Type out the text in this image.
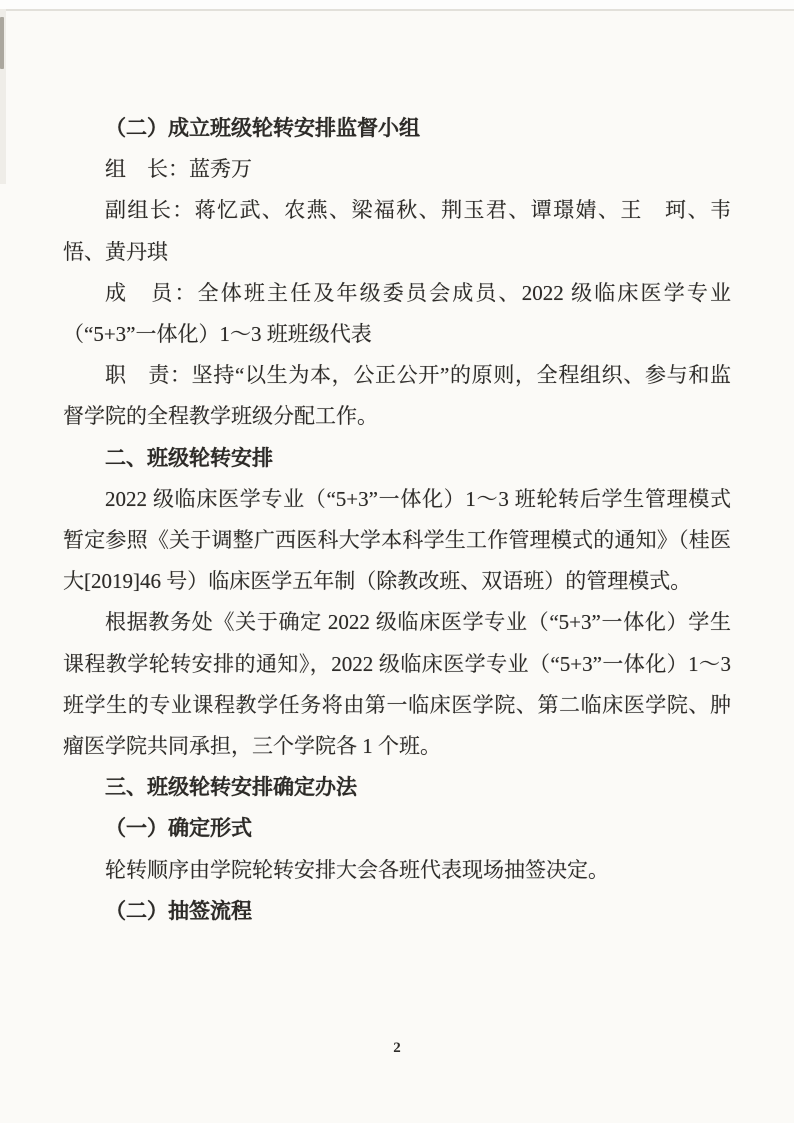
（二）成立班级轮转安排监督小组

组　长：蓝秀万

副组长：蒋忆武、农燕、梁福秋、荆玉君、谭璟婧、王　珂、韦　悟、黄丹琪

成　员：全体班主任及年级委员会成员、2022 级临床医学专业（“5+3”一体化）1～3 班班级代表

职　责：坚持“以生为本，公正公开”的原则，全程组织、参与和监督学院的全程教学班级分配工作。

二、班级轮转安排

2022 级临床医学专业（“5+3”一体化）1～3 班轮转后学生管理模式暂定参照《关于调整广西医科大学本科学生工作管理模式的通知》（桂医大[2019]46 号）临床医学五年制（除教改班、双语班）的管理模式。

根据教务处《关于确定 2022 级临床医学专业（“5+3”一体化）学生课程教学轮转安排的通知》，2022 级临床医学专业（“5+3”一体化）1～3 班学生的专业课程教学任务将由第一临床医学院、第二临床医学院、肿瘤医学院共同承担，三个学院各 1 个班。

三、班级轮转安排确定办法

（一）确定形式

轮转顺序由学院轮转安排大会各班代表现场抽签决定。

（二）抽签流程

2
